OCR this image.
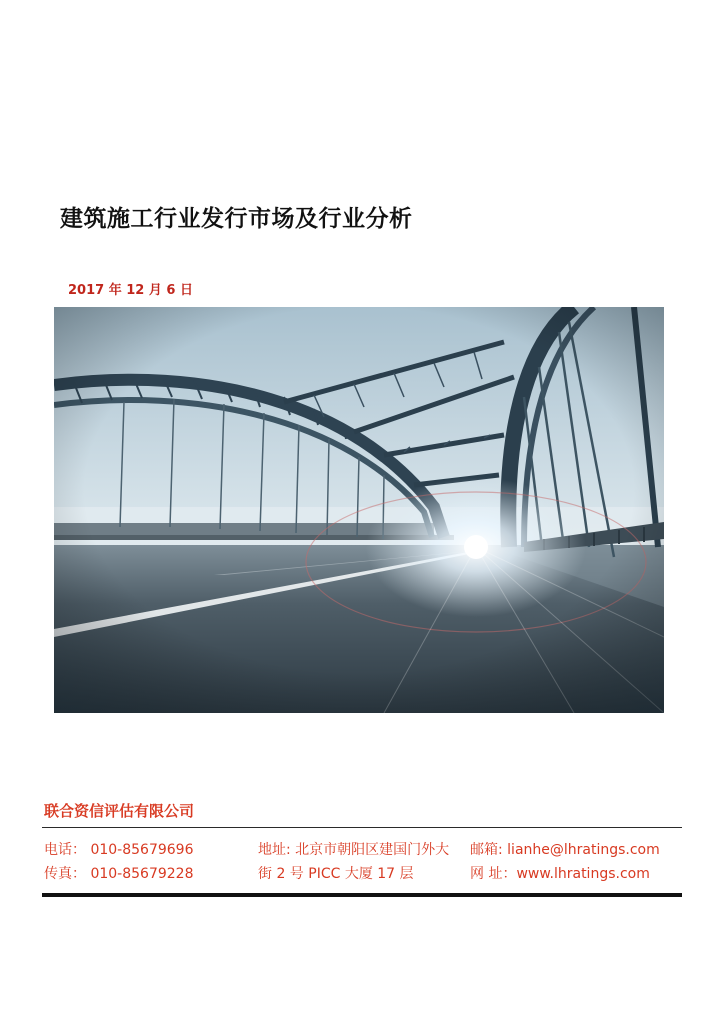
建筑施工行业发行市场及行业分析
2017 年 12 月 6 日
联合资信评估有限公司
电话： 010-85679696
传真： 010-85679228
地址: 北京市朝阳区建国门外大
街 2 号 PICC 大厦 17 层
邮箱: lianhe@lhratings.com
网 址：www.lhratings.com
